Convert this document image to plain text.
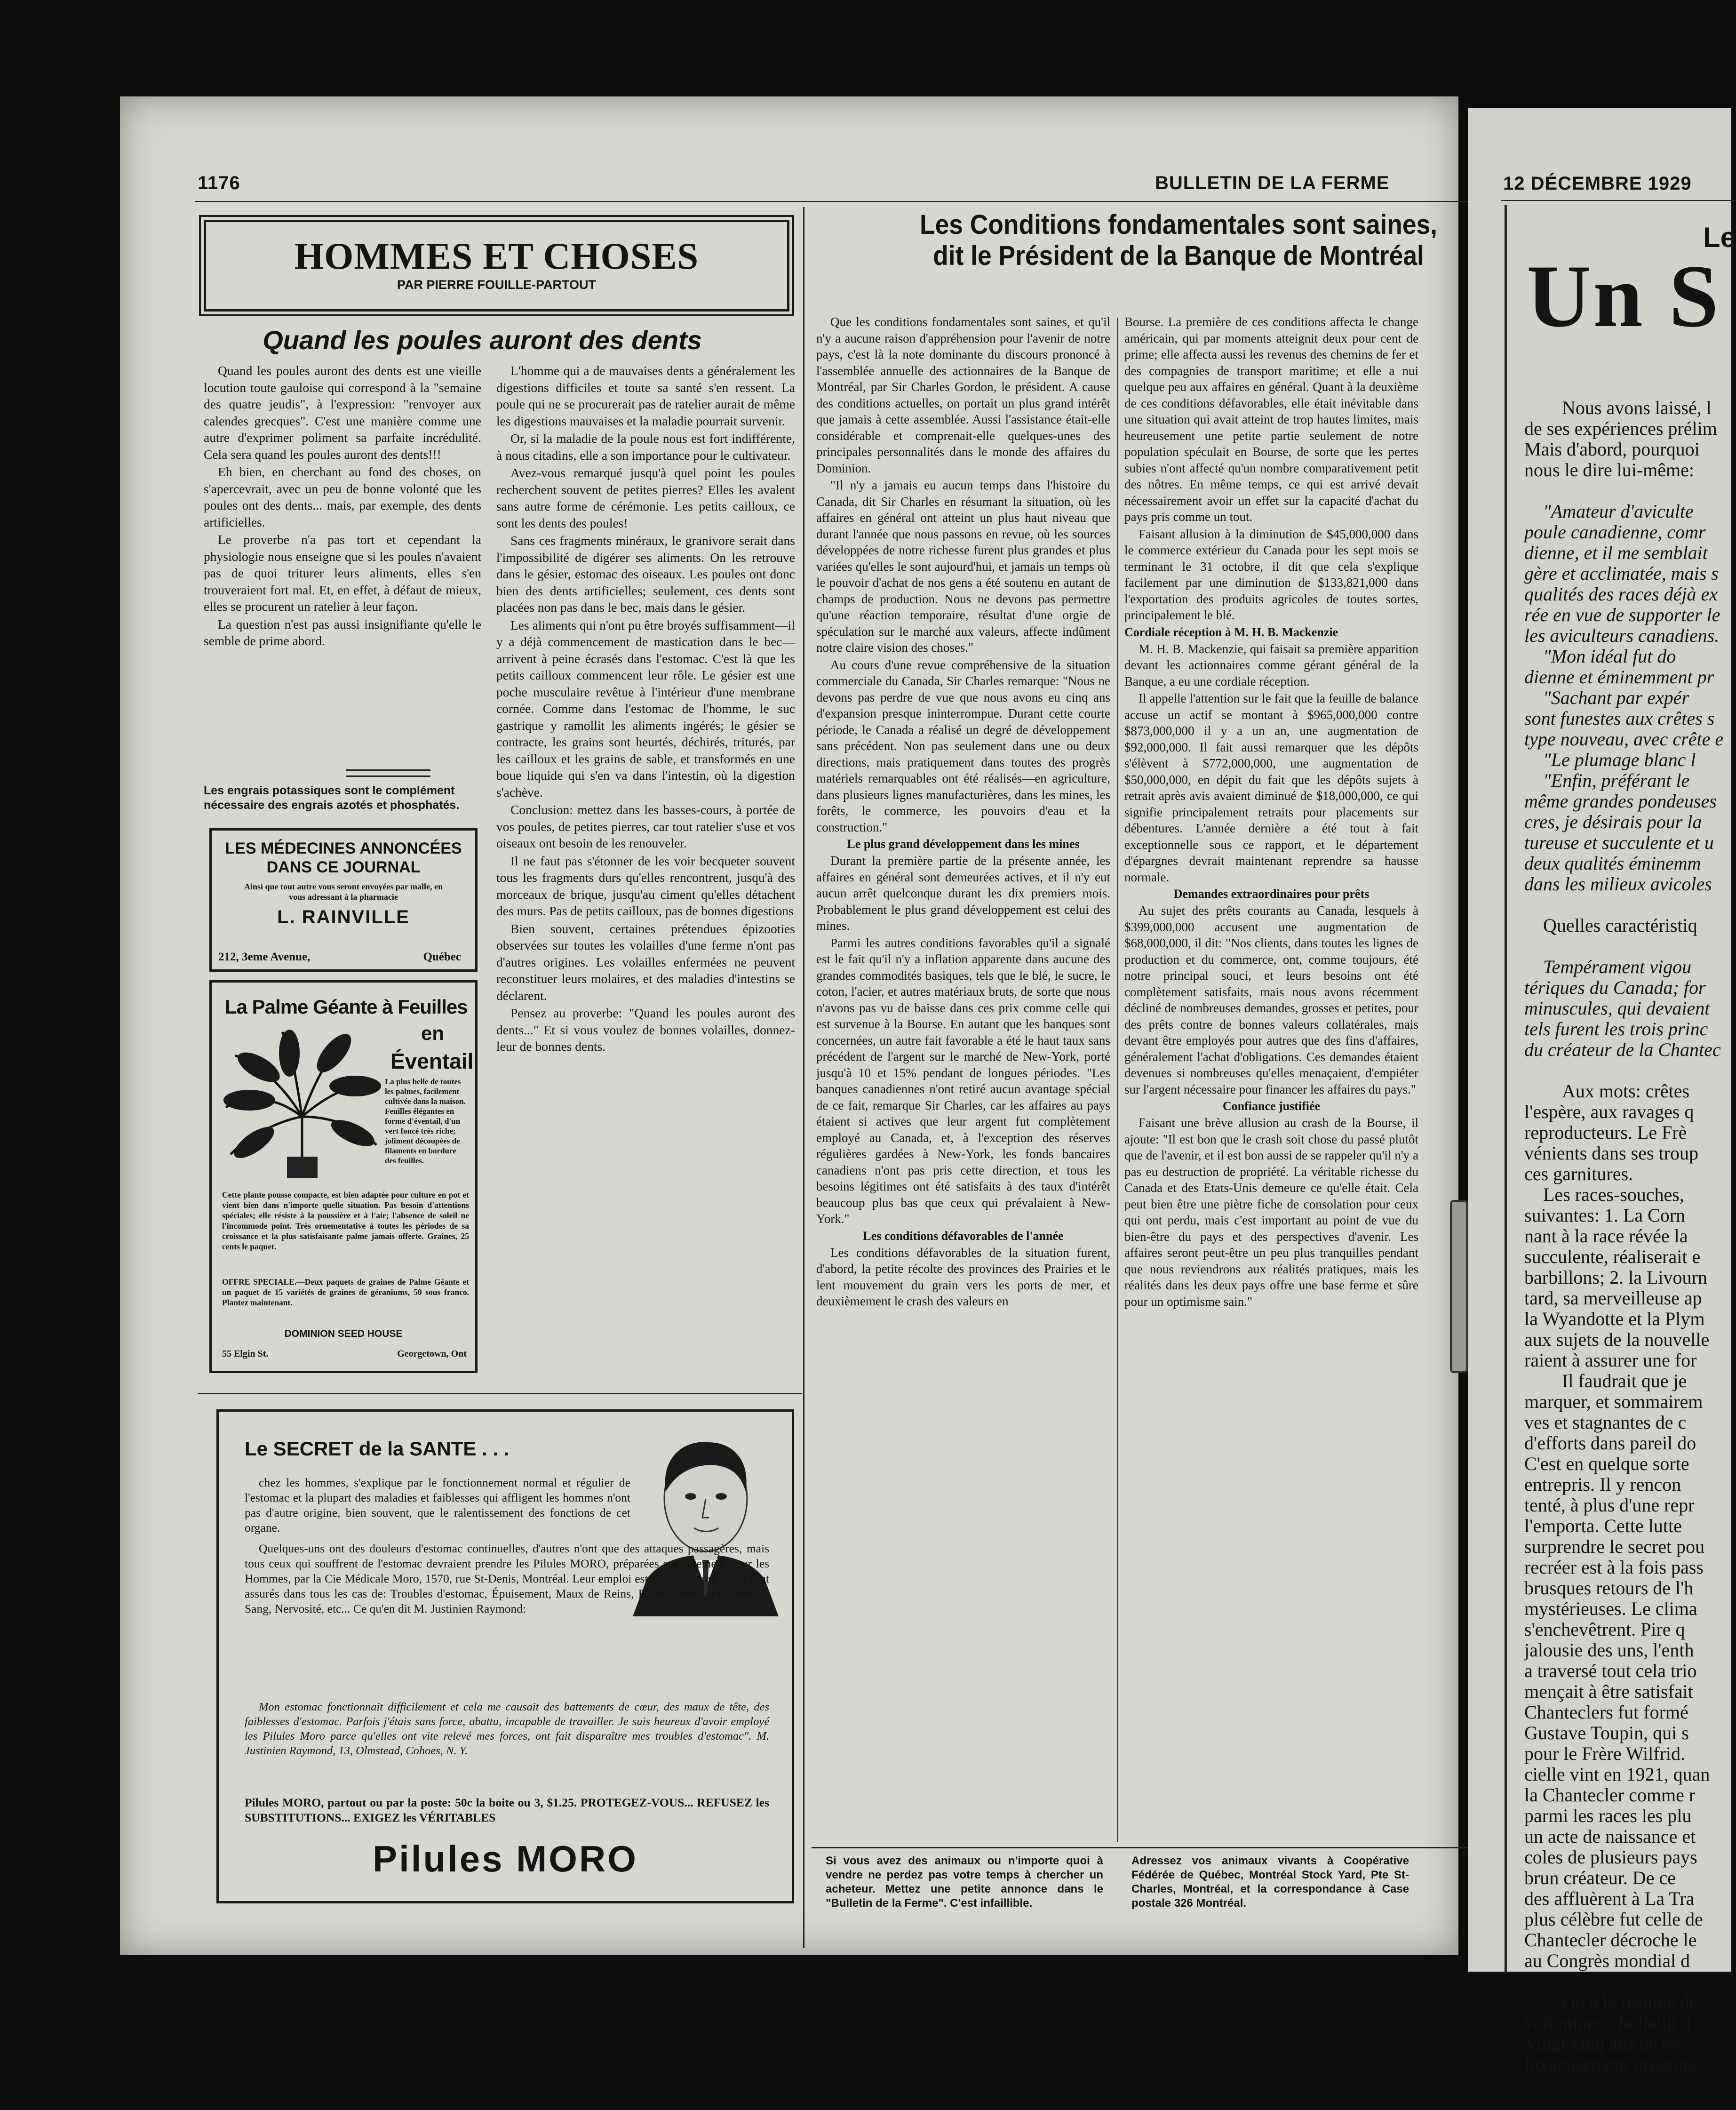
1176	BULLETIN DE LA FERME
HOMMES ET CHOSES
PAR PIERRE FOUILLE-PARTOUT
Quand les poules auront des dents

Quand les poules auront des dents est une vieille locution toute gauloise qui correspond à la "semaine des quatre jeudis", à l'expression: "renvoyer aux calendes grecques". C'est une manière comme une autre d'exprimer poliment sa parfaite incrédulité. Cela sera quand les poules auront des dents!!!

Eh bien, en cherchant au fond des choses, on s'apercevrait, avec un peu de bonne volonté que les poules ont des dents... mais, par exemple, des dents artificielles.

Le proverbe n'a pas tort et cependant la physiologie nous enseigne que si les poules n'avaient pas de quoi triturer leurs aliments, elles s'en trouveraient fort mal. Et, en effet, à défaut de mieux, elles se procurent un ratelier à leur façon.

La question n'est pas aussi insignifiante qu'elle le semble de prime abord.

Les engrais potassiques sont le complément nécessaire des engrais azotés et phosphatés.
LES MÉDECINES ANNONCÉES DANS CE JOURNAL
Ainsi que tout autre vous seront envoyées par malle, en vous adressant à la pharmacie
L. RAINVILLE
212, 3eme Avenue,	Québec
La Palme Géante à Feuilles
en
Éventail
La plus belle de toutes les palmes, facilement cultivée dans la maison. Feuilles élégantes en forme d'éventail, d'un vert foncé très riche; joliment découpées de filaments en bordure des feuilles.
Cette plante pousse compacte, est bien adaptée pour culture en pot et vient bien dans n'importe quelle situation. Pas besoin d'attentions spéciales; elle résiste à la poussière et à l'air; l'absence de soleil ne l'incommode point. Très ornementative à toutes les périodes de sa croissance et la plus satisfaisante palme jamais offerte. Graines, 25 cents le paquet.
OFFRE SPECIALE.—Deux paquets de graines de Palme Géante et un paquet de 15 variétés de graines de géraniums, 50 sous franco. Plantez maintenant.
DOMINION SEED HOUSE
55 Elgin St.	Georgetown, Ont

L'homme qui a de mauvaises dents a généralement les digestions difficiles et toute sa santé s'en ressent. La poule qui ne se procurerait pas de ratelier aurait de même les digestions mauvaises et la maladie pourrait survenir.

Or, si la maladie de la poule nous est fort indifférente, à nous citadins, elle a son importance pour le cultivateur.

Avez-vous remarqué jusqu'à quel point les poules recherchent souvent de petites pierres? Elles les avalent sans autre forme de cérémonie. Les petits cailloux, ce sont les dents des poules!

Sans ces fragments minéraux, le granivore serait dans l'impossibilité de digérer ses aliments. On les retrouve dans le gésier, estomac des oiseaux. Les poules ont donc bien des dents artificielles; seulement, ces dents sont placées non pas dans le bec, mais dans le gésier.

Les aliments qui n'ont pu être broyés suffisamment—il y a déjà commencement de mastication dans le bec—arrivent à peine écrasés dans l'estomac. C'est là que les petits cailloux commencent leur rôle. Le gésier est une poche musculaire revêtue à l'intérieur d'une membrane cornée. Comme dans l'estomac de l'homme, le suc gastrique y ramollit les aliments ingérés; le gésier se contracte, les grains sont heurtés, déchirés, triturés, par les cailloux et les grains de sable, et transformés en une boue liquide qui s'en va dans l'intestin, où la digestion s'achève.

Conclusion: mettez dans les basses-cours, à portée de vos poules, de petites pierres, car tout ratelier s'use et vos oiseaux ont besoin de les renouveler.

Il ne faut pas s'étonner de les voir becqueter souvent tous les fragments durs qu'elles rencontrent, jusqu'à des morceaux de brique, jusqu'au ciment qu'elles détachent des murs. Pas de petits cailloux, pas de bonnes digestions

Bien souvent, certaines prétendues épizooties observées sur toutes les volailles d'une ferme n'ont pas d'autres origines. Les volailles enfermées ne peuvent reconstituer leurs molaires, et des maladies d'intestins se déclarent.

Pensez au proverbe: "Quand les poules auront des dents..." Et si vous voulez de bonnes volailles, donnez-leur de bonnes dents.

Le SECRET de la SANTE . . .
chez les hommes, s'explique par le fonctionnement normal et régulier de l'estomac et la plupart des maladies et faiblesses qui affligent les hommes n'ont pas d'autre origine, bien souvent, que le ralentissement des fonctions de cet organe.
Quelques-uns ont des douleurs d'estomac continuelles, d'autres n'ont que des attaques passagères, mais tous ceux qui souffrent de l'estomac devraient prendre les Pilules MORO, préparées spécialement pour les Hommes, par la Cie Médicale Moro, 1570, rue St-Denis, Montréal. Leur emploi est facile et leurs effets sont assurés dans tous les cas de: Troubles d'estomac, Épuisement, Maux de Reins, Rhumatismes, Pauvreté du Sang, Nervosité, etc... Ce qu'en dit M. Justinien Raymond:
Mon estomac fonctionnait difficilement et cela me causait des battements de cœur, des maux de tête, des faiblesses d'estomac. Parfois j'étais sans force, abattu, incapable de travailler. Je suis heureux d'avoir employé les Pilules Moro parce qu'elles ont vite relevé mes forces, ont fait disparaître mes troubles d'estomac". M. Justinien Raymond, 13, Olmstead, Cohoes, N. Y.
Pilules MORO, partout ou par la poste: 50c la boite ou 3, $1.25. PROTEGEZ-VOUS... REFUSEZ les SUBSTITUTIONS... EXIGEZ les VÉRITABLES
Pilules MORO
Les Conditions fondamentales sont saines,
dit le Président de la Banque de Montréal

Que les conditions fondamentales sont saines, et qu'il n'y a aucune raison d'appréhension pour l'avenir de notre pays, c'est là la note dominante du discours prononcé à l'assemblée annuelle des actionnaires de la Banque de Montréal, par Sir Charles Gordon, le président. A cause des conditions actuelles, on portait un plus grand intérêt que jamais à cette assemblée. Aussi l'assistance était-elle considérable et comprenait-elle quelques-unes des principales personnalités dans le monde des affaires du Dominion.

"Il n'y a jamais eu aucun temps dans l'histoire du Canada, dit Sir Charles en résumant la situation, où les affaires en général ont atteint un plus haut niveau que durant l'année que nous passons en revue, où les sources développées de notre richesse furent plus grandes et plus variées qu'elles le sont aujourd'hui, et jamais un temps où le pouvoir d'achat de nos gens a été soutenu en autant de champs de production. Nous ne devons pas permettre qu'une réaction temporaire, résultat d'une orgie de spéculation sur le marché aux valeurs, affecte indûment notre claire vision des choses."

Au cours d'une revue compréhensive de la situation commerciale du Canada, Sir Charles remarque: "Nous ne devons pas perdre de vue que nous avons eu cinq ans d'expansion presque ininterrompue. Durant cette courte période, le Canada a réalisé un degré de développement sans précédent. Non pas seulement dans une ou deux directions, mais pratiquement dans toutes des progrès matériels remarquables ont été réalisés—en agriculture, dans plusieurs lignes manufacturières, dans les mines, les forêts, le commerce, les pouvoirs d'eau et la construction."

Le plus grand développement dans les mines

Durant la première partie de la présente année, les affaires en général sont demeurées actives, et il n'y eut aucun arrêt quelconque durant les dix premiers mois. Probablement le plus grand développement est celui des mines.

Parmi les autres conditions favorables qu'il a signalé est le fait qu'il n'y a inflation apparente dans aucune des grandes commodités basiques, tels que le blé, le sucre, le coton, l'acier, et autres matériaux bruts, de sorte que nous n'avons pas vu de baisse dans ces prix comme celle qui est survenue à la Bourse. En autant que les banques sont concernées, un autre fait favorable a été le haut taux sans précédent de l'argent sur le marché de New-York, porté jusqu'à 10 et 15% pendant de longues périodes. "Les banques canadiennes n'ont retiré aucun avantage spécial de ce fait, remarque Sir Charles, car les affaires au pays étaient si actives que leur argent fut complètement employé au Canada, et, à l'exception des réserves régulières gardées à New-York, les fonds bancaires canadiens n'ont pas pris cette direction, et tous les besoins légitimes ont été satisfaits à des taux d'intérêt beaucoup plus bas que ceux qui prévalaient à New-York."

Les conditions défavorables de l'année

Les conditions défavorables de la situation furent, d'abord, la petite récolte des provinces des Prairies et le lent mouvement du grain vers les ports de mer, et deuxièmement le crash des valeurs en

Bourse. La première de ces conditions affecta le change américain, qui par moments atteignit deux pour cent de prime; elle affecta aussi les revenus des chemins de fer et des compagnies de transport maritime; et elle a nui quelque peu aux affaires en général. Quant à la deuxième de ces conditions défavorables, elle était inévitable dans une situation qui avait atteint de trop hautes limites, mais heureusement une petite partie seulement de notre population spéculait en Bourse, de sorte que les pertes subies n'ont affecté qu'un nombre comparativement petit des nôtres. En même temps, ce qui est arrivé devait nécessairement avoir un effet sur la capacité d'achat du pays pris comme un tout.

Faisant allusion à la diminution de $45,000,000 dans le commerce extérieur du Canada pour les sept mois se terminant le 31 octobre, il dit que cela s'explique facilement par une diminution de $133,821,000 dans l'exportation des produits agricoles de toutes sortes, principalement le blé.

Cordiale réception à M. H. B. Mackenzie

M. H. B. Mackenzie, qui faisait sa première apparition devant les actionnaires comme gérant général de la Banque, a eu une cordiale réception.

Il appelle l'attention sur le fait que la feuille de balance accuse un actif se montant à $965,000,000 contre $873,000,000 il y a un an, une augmentation de $92,000,000. Il fait aussi remarquer que les dépôts s'élèvent à $772,000,000, une augmentation de $50,000,000, en dépit du fait que les dépôts sujets à retrait après avis avaient diminué de $18,000,000, ce qui signifie principalement retraits pour placements sur débentures. L'année dernière a été tout à fait exceptionnelle sous ce rapport, et le département d'épargnes devrait maintenant reprendre sa hausse normale.

Demandes extraordinaires pour prêts

Au sujet des prêts courants au Canada, lesquels à $399,000,000 accusent une augmentation de $68,000,000, il dit: "Nos clients, dans toutes les lignes de production et du commerce, ont, comme toujours, été notre principal souci, et leurs besoins ont été complètement satisfaits, mais nous avons récemment décliné de nombreuses demandes, grosses et petites, pour des prêts contre de bonnes valeurs collatérales, mais devant être employés pour autres que des fins d'affaires, généralement l'achat d'obligations. Ces demandes étaient devenues si nombreuses qu'elles menaçaient, d'empiéter sur l'argent nécessaire pour financer les affaires du pays."

Confiance justifiée

Faisant une brève allusion au crash de la Bourse, il ajoute: "Il est bon que le crash soit chose du passé plutôt que de l'avenir, et il est bon aussi de se rappeler qu'il n'y a pas eu destruction de propriété. La véritable richesse du Canada et des Etats-Unis demeure ce qu'elle était. Cela peut bien être une piètre fiche de consolation pour ceux qui ont perdu, mais c'est important au point de vue du bien-être du pays et des perspectives d'avenir. Les affaires seront peut-être un peu plus tranquilles pendant que nous reviendrons aux réalités pratiques, mais les réalités dans les deux pays offre une base ferme et sûre pour un optimisme sain."

Si vous avez des animaux ou n'importe quoi à vendre ne perdez pas votre temps à chercher un acheteur. Mettez une petite annonce dans le "Bulletin de la Ferme". C'est infaillible.
Adressez vos animaux vivants à Coopérative Fédérée de Québec, Montréal Stock Yard, Pte St-Charles, Montréal, et la correspondance à Case postale 326 Montréal.
12 DÉCEMBRE 1929
Le
Un S
Nous avons laissé, l
de ses expériences prélim
Mais d'abord, pourquoi
nous le dire lui-même:
"Amateur d'aviculte
poule canadienne, comr
dienne, et il me semblait
gère et acclimatée, mais s
qualités des races déjà ex
rée en vue de supporter le
les aviculteurs canadiens.
"Mon idéal fut do
dienne et éminemment pr
"Sachant par expér
sont funestes aux crêtes s
type nouveau, avec crête e
"Le plumage blanc l
"Enfin, préférant le
même grandes pondeuses
cres, je désirais pour la
tureuse et succulente et u
deux qualités éminemm
dans les milieux avicoles
Quelles caractéristiq
Tempérament vigou
tériques du Canada; for
minuscules, qui devaient
tels furent les trois princ
du créateur de la Chantec
Aux mots: crêtes
l'espère, aux ravages q
reproducteurs. Le Frè
vénients dans ses troup
ces garnitures.
Les races-souches,
suivantes: 1. La Corn
nant à la race révée la
succulente, réaliserait e
barbillons; 2. la Livourn
tard, sa merveilleuse ap
la Wyandotte et la Plym
aux sujets de la nouvelle
raient à assurer une for
Il faudrait que je
marquer, et sommairem
ves et stagnantes de c
d'efforts dans pareil do
C'est en quelque sorte
entrepris. Il y rencon
tenté, à plus d'une repr
l'emporta. Cette lutte
surprendre le secret pou
recréer est à la fois pass
brusques retours de l'h
mystérieuses. Le clima
s'enchevêtrent. Pire q
jalousie des uns, l'enth
a traversé tout cela trio
mençait à être satisfait
Chanteclers fut formé
Gustave Toupin, qui s
pour le Frère Wilfrid.
cielle vint en 1921, quan
la Chantecler comme r
parmi les races les plu
un acte de naissance et
coles de plusieurs pays
brun créateur. De ce
des affluèrent à La Tra
plus célèbre fut celle de
Chantecler décroche le
au Congrès mondial d
On a le résumé de
volumineux bulletin d
Vingt-cinq ans de rec
luxueusement présenté
